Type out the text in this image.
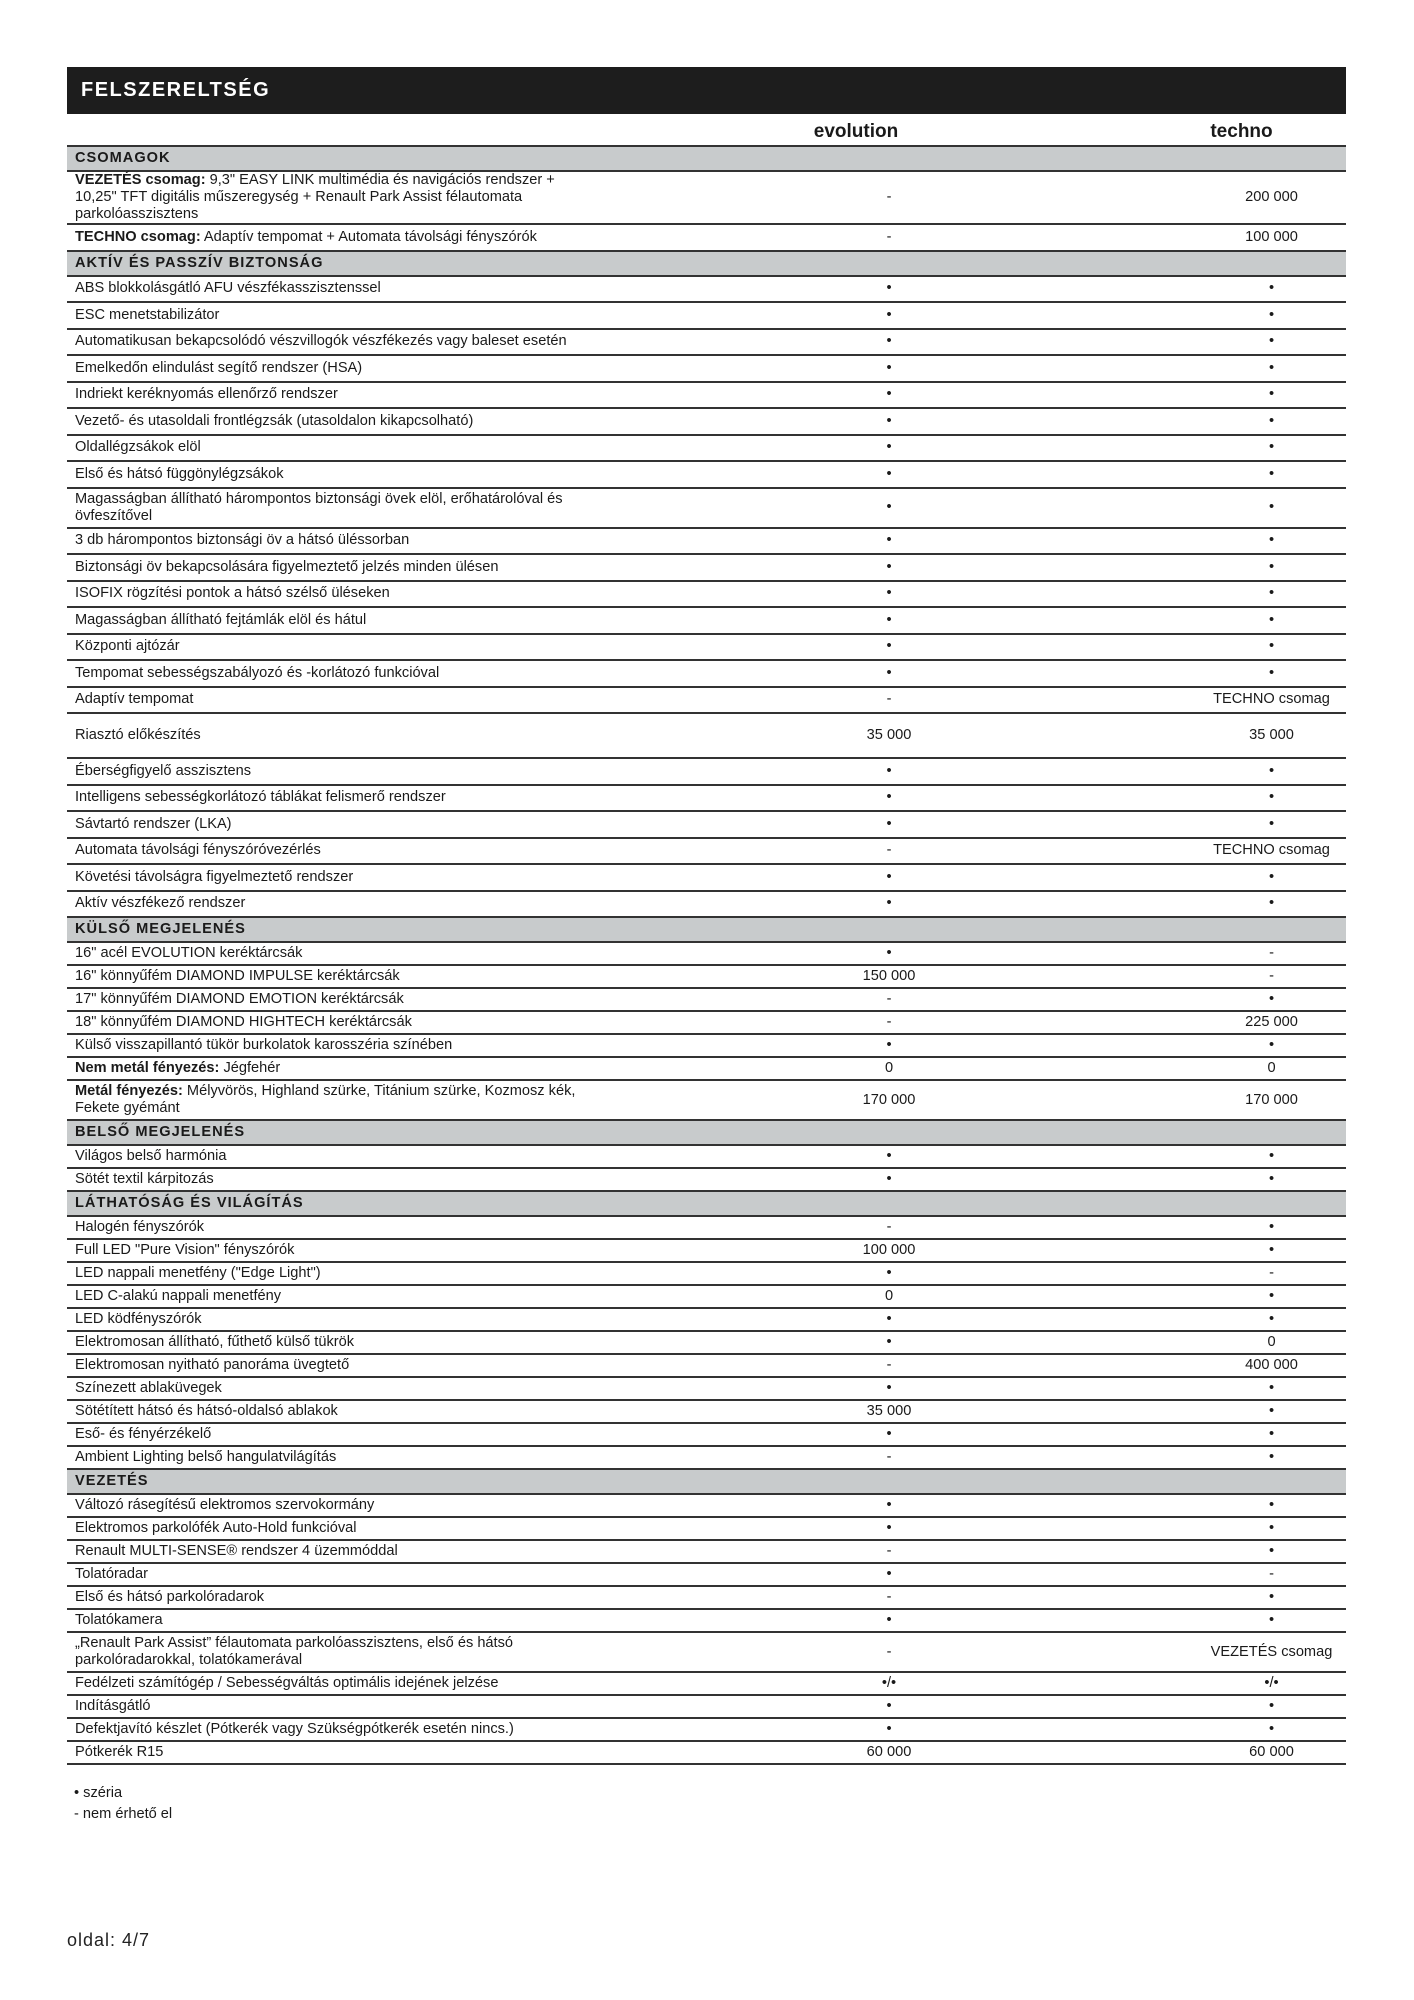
FELSZERELTSÉG
evolution	techno
CSOMAGOK		
VEZETÉS csomag: 9,3" EASY LINK multimédia és navigációs rendszer + 10,25" TFT digitális műszeregység + Renault Park Assist félautomata parkolóasszisztens	-	200 000
TECHNO csomag: Adaptív tempomat + Automata távolsági fényszórók	-	100 000
AKTÍV ÉS PASSZÍV BIZTONSÁG		
ABS blokkolásgátló AFU vészfékasszisztenssel	•	•
ESC menetstabilizátor	•	•
Automatikusan bekapcsolódó vészvillogók vészfékezés vagy baleset esetén	•	•
Emelkedőn elindulást segítő rendszer (HSA)	•	•
Indriekt keréknyomás ellenőrző rendszer	•	•
Vezető- és utasoldali frontlégzsák (utasoldalon kikapcsolható)	•	•
Oldallégzsákok elöl	•	•
Első és hátsó függönylégzsákok	•	•
Magasságban állítható hárompontos biztonsági övek elöl, erőhatárolóval és övfeszítővel	•	•
3 db hárompontos biztonsági öv a hátsó üléssorban	•	•
Biztonsági öv bekapcsolására figyelmeztető jelzés minden ülésen	•	•
ISOFIX rögzítési pontok a hátsó szélső üléseken	•	•
Magasságban állítható fejtámlák elöl és hátul	•	•
Központi ajtózár	•	•
Tempomat sebességszabályozó és -korlátozó funkcióval	•	•
Adaptív tempomat	-	TECHNO csomag
Riasztó előkészítés	35 000	35 000
Éberségfigyelő asszisztens	•	•
Intelligens sebességkorlátozó táblákat felismerő rendszer	•	•
Sávtartó rendszer (LKA)	•	•
Automata távolsági fényszóróvezérlés	-	TECHNO csomag
Követési távolságra figyelmeztető rendszer	•	•
Aktív vészfékező rendszer	•	•
KÜLSŐ MEGJELENÉS		
16" acél EVOLUTION keréktárcsák	•	-
16" könnyűfém DIAMOND IMPULSE keréktárcsák	150 000	-
17" könnyűfém DIAMOND EMOTION keréktárcsák	-	•
18" könnyűfém DIAMOND HIGHTECH keréktárcsák	-	225 000
Külső visszapillantó tükör burkolatok karosszéria színében	•	•
Nem metál fényezés: Jégfehér	0	0
Metál fényezés: Mélyvörös, Highland szürke, Titánium szürke, Kozmosz kék, Fekete gyémánt	170 000	170 000
BELSŐ MEGJELENÉS		
Világos belső harmónia	•	•
Sötét textil kárpitozás	•	•
LÁTHATÓSÁG ÉS VILÁGÍTÁS		
Halogén fényszórók	-	•
Full LED "Pure Vision" fényszórók	100 000	•
LED nappali menetfény ("Edge Light")	•	-
LED C-alakú nappali menetfény	0	•
LED ködfényszórók	•	•
Elektromosan állítható, fűthető külső tükrök	•	0
Elektromosan nyitható panoráma üvegtető	-	400 000
Színezett ablaküvegek	•	•
Sötétített hátsó és hátsó-oldalsó ablakok	35 000	•
Eső- és fényérzékelő	•	•
Ambient Lighting belső hangulatvilágítás	-	•
VEZETÉS		
Változó rásegítésű elektromos szervokormány	•	•
Elektromos parkolófék Auto-Hold funkcióval	•	•
Renault MULTI-SENSE® rendszer 4 üzemmóddal	-	•
Tolatóradar	•	-
Első és hátsó parkolóradarok	-	•
Tolatókamera	•	•
„Renault Park Assist” félautomata parkolóasszisztens, első és hátsó parkolóradarokkal, tolatókamerával	-	VEZETÉS csomag
Fedélzeti számítógép / Sebességváltás optimális idejének jelzése	•/•	•/•
Indításgátló	•	•
Defektjavító készlet (Pótkerék vagy Szükségpótkerék esetén nincs.)	•	•
Pótkerék R15	60 000	60 000
• széria
- nem érhető el
oldal: 4/7
